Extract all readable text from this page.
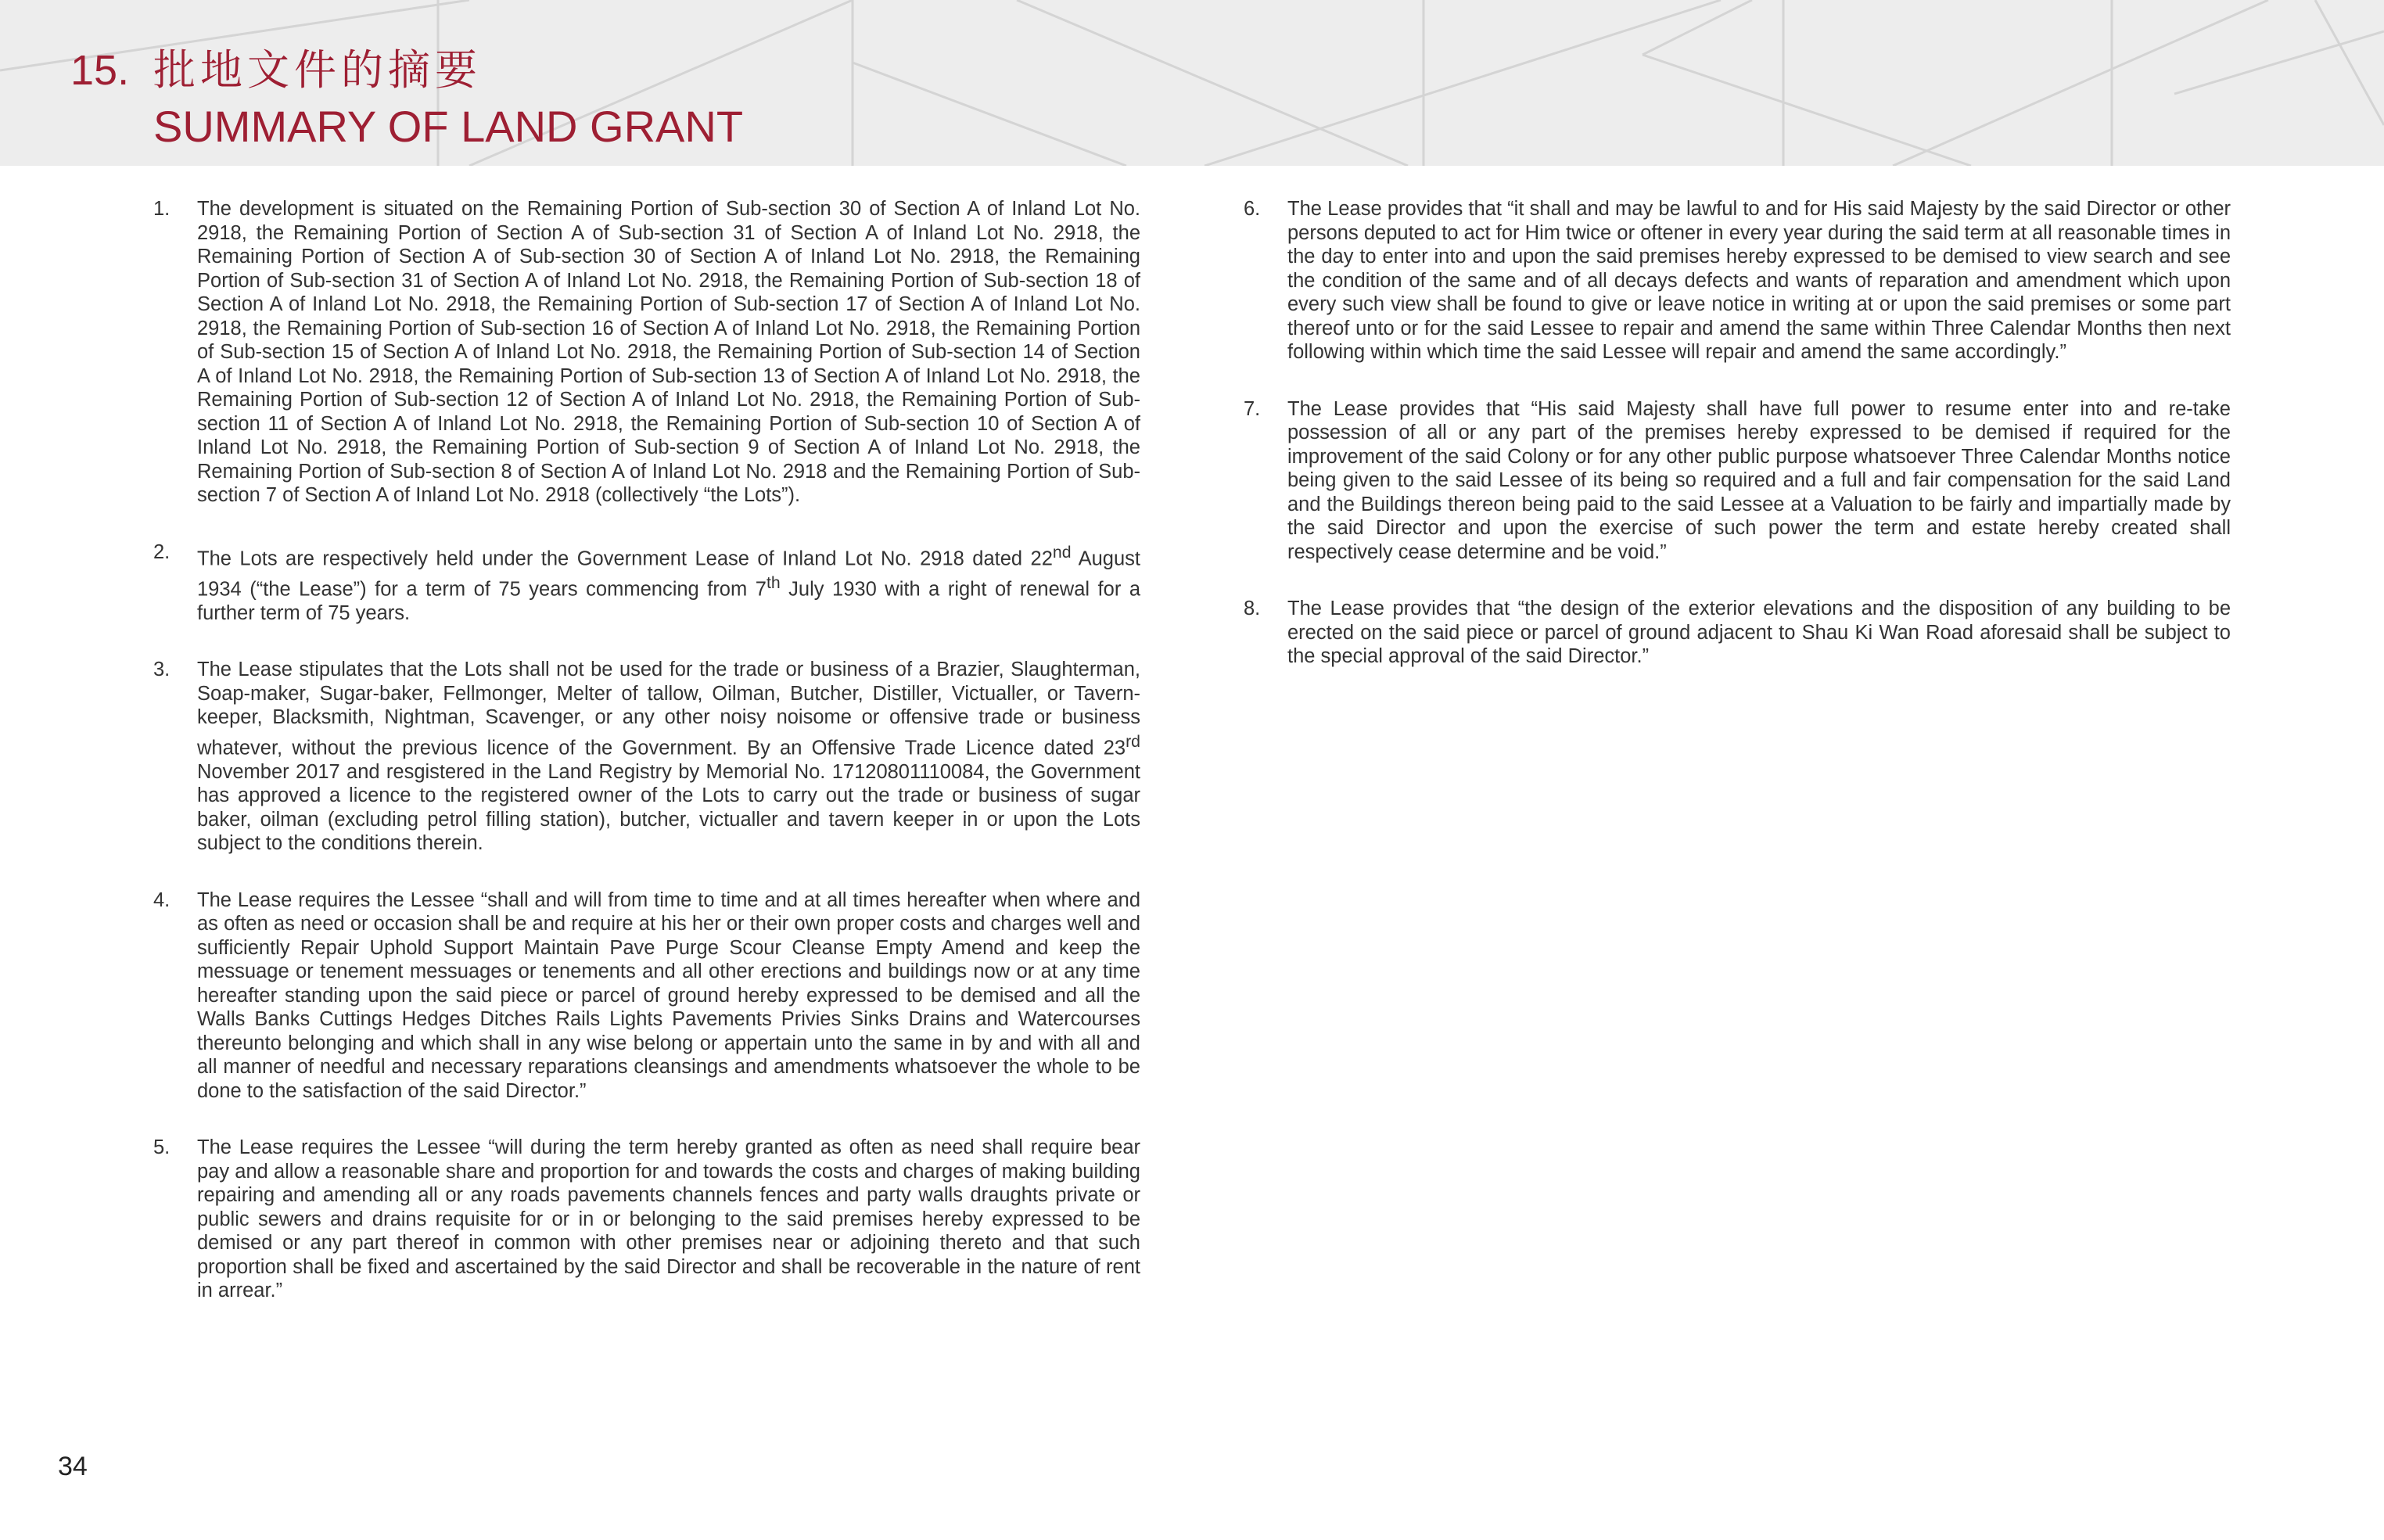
15. 批地文件的摘要
SUMMARY OF LAND GRANT
1. The development is situated on the Remaining Portion of Sub-section 30 of Section A of Inland Lot No. 2918, the Remaining Portion of Section A of Sub-section 31 of Section A of Inland Lot No. 2918, the Remaining Portion of Section A of Sub-section 30 of Section A of Inland Lot No. 2918, the Remaining Portion of Sub-section 31 of Section A of Inland Lot No. 2918, the Remaining Portion of Sub-section 18 of Section A of Inland Lot No. 2918, the Remaining Portion of Sub-section 17 of Section A of Inland Lot No. 2918, the Remaining Portion of Sub-section 16 of Section A of Inland Lot No. 2918, the Remaining Portion of Sub-section 15 of Section A of Inland Lot No. 2918, the Remaining Portion of Sub-section 14 of Section A of Inland Lot No. 2918, the Remaining Portion of Sub-section 13 of Section A of Inland Lot No. 2918, the Remaining Portion of Sub-section 12 of Section A of Inland Lot No. 2918, the Remaining Portion of Sub-section 11 of Section A of Inland Lot No. 2918, the Remaining Portion of Sub-section 10 of Section A of Inland Lot No. 2918, the Remaining Portion of Sub-section 9 of Section A of Inland Lot No. 2918, the Remaining Portion of Sub-section 8 of Section A of Inland Lot No. 2918 and the Remaining Portion of Sub-section 7 of Section A of Inland Lot No. 2918 (collectively “the Lots”).
2. The Lots are respectively held under the Government Lease of Inland Lot No. 2918 dated 22nd August 1934 (“the Lease”) for a term of 75 years commencing from 7th July 1930 with a right of renewal for a further term of 75 years.
3. The Lease stipulates that the Lots shall not be used for the trade or business of a Brazier, Slaughterman, Soap-maker, Sugar-baker, Fellmonger, Melter of tallow, Oilman, Butcher, Distiller, Victualler, or Tavern-keeper, Blacksmith, Nightman, Scavenger, or any other noisy noisome or offensive trade or business whatever, without the previous licence of the Government. By an Offensive Trade Licence dated 23rd November 2017 and resgistered in the Land Registry by Memorial No. 17120801110084, the Government has approved a licence to the registered owner of the Lots to carry out the trade or business of sugar baker, oilman (excluding petrol filling station), butcher, victualler and tavern keeper in or upon the Lots subject to the conditions therein.
4. The Lease requires the Lessee “shall and will from time to time and at all times hereafter when where and as often as need or occasion shall be and require at his her or their own proper costs and charges well and sufficiently Repair Uphold Support Maintain Pave Purge Scour Cleanse Empty Amend and keep the messuage or tenement messuages or tenements and all other erections and buildings now or at any time hereafter standing upon the said piece or parcel of ground hereby expressed to be demised and all the Walls Banks Cuttings Hedges Ditches Rails Lights Pavements Privies Sinks Drains and Watercourses thereunto belonging and which shall in any wise belong or appertain unto the same in by and with all and all manner of needful and necessary reparations cleansings and amendments whatsoever the whole to be done to the satisfaction of the said Director.”
5. The Lease requires the Lessee “will during the term hereby granted as often as need shall require bear pay and allow a reasonable share and proportion for and towards the costs and charges of making building repairing and amending all or any roads pavements channels fences and party walls draughts private or public sewers and drains requisite for or in or belonging to the said premises hereby expressed to be demised or any part thereof in common with other premises near or adjoining thereto and that such proportion shall be fixed and ascertained by the said Director and shall be recoverable in the nature of rent in arrear.”
6. The Lease provides that “it shall and may be lawful to and for His said Majesty by the said Director or other persons deputed to act for Him twice or oftener in every year during the said term at all reasonable times in the day to enter into and upon the said premises hereby expressed to be demised to view search and see the condition of the same and of all decays defects and wants of reparation and amendment which upon every such view shall be found to give or leave notice in writing at or upon the said premises or some part thereof unto or for the said Lessee to repair and amend the same within Three Calendar Months then next following within which time the said Lessee will repair and amend the same accordingly.”
7. The Lease provides that “His said Majesty shall have full power to resume enter into and re-take possession of all or any part of the premises hereby expressed to be demised if required for the improvement of the said Colony or for any other public purpose whatsoever Three Calendar Months notice being given to the said Lessee of its being so required and a full and fair compensation for the said Land and the Buildings thereon being paid to the said Lessee at a Valuation to be fairly and impartially made by the said Director and upon the exercise of such power the term and estate hereby created shall respectively cease determine and be void.”
8. The Lease provides that “the design of the exterior elevations and the disposition of any building to be erected on the said piece or parcel of ground adjacent to Shau Ki Wan Road aforesaid shall be subject to the special approval of the said Director.”
34
